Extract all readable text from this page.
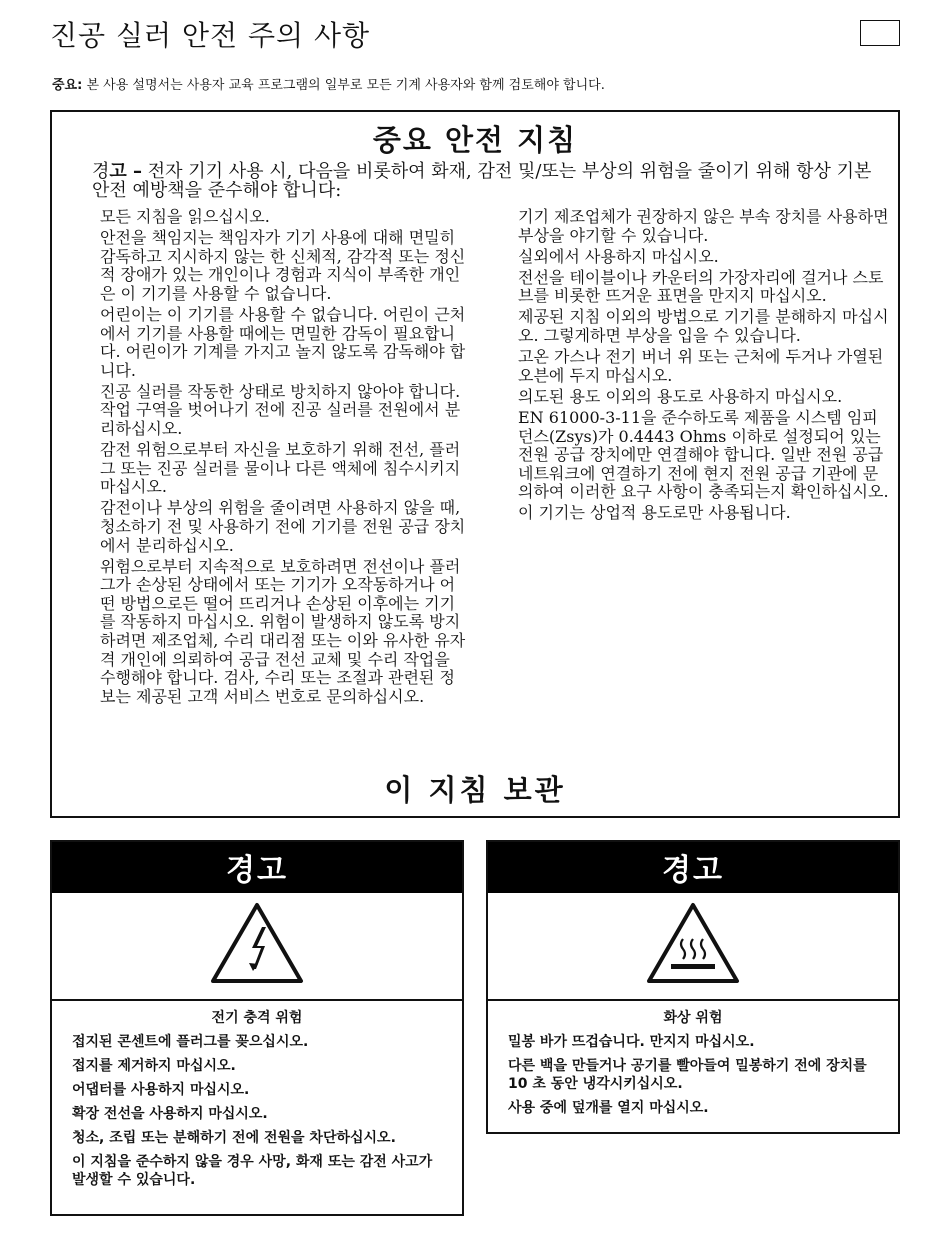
진공 실러 안전 주의 사항
중요: 본 사용 설명서는 사용자 교육 프로그램의 일부로 모든 기계 사용자와 함께 검토해야 합니다.
중요 안전 지침
경고 – 전자 기기 사용 시, 다음을 비롯하여 화재, 감전 및/또는 부상의 위험을 줄이기 위해 항상 기본 안전 예방책을 준수해야 합니다:

모든 지침을 읽으십시오.

안전을 책임지는 책임자가 기기 사용에 대해 면밀히 감독하고 지시하지 않는 한 신체적, 감각적 또는 정신적 장애가 있는 개인이나 경험과 지식이 부족한 개인은 이 기기를 사용할 수 없습니다.

어린이는 이 기기를 사용할 수 없습니다. 어린이 근처에서 기기를 사용할 때에는 면밀한 감독이 필요합니다. 어린이가 기계를 가지고 놀지 않도록 감독해야 합니다.

진공 실러를 작동한 상태로 방치하지 않아야 합니다. 작업 구역을 벗어나기 전에 진공 실러를 전원에서 분리하십시오.

감전 위험으로부터 자신을 보호하기 위해 전선, 플러그 또는 진공 실러를 물이나 다른 액체에 침수시키지 마십시오.

감전이나 부상의 위험을 줄이려면 사용하지 않을 때, 청소하기 전 및 사용하기 전에 기기를 전원 공급 장치에서 분리하십시오.

위험으로부터 지속적으로 보호하려면 전선이나 플러그가 손상된 상태에서 또는 기기가 오작동하거나 어떤 방법으로든 떨어 뜨리거나 손상된 이후에는 기기를 작동하지 마십시오. 위험이 발생하지 않도록 방지하려면 제조업체, 수리 대리점 또는 이와 유사한 유자격 개인에 의뢰하여 공급 전선 교체 및 수리 작업을 수행해야 합니다. 검사, 수리 또는 조절과 관련된 정보는 제공된 고객 서비스 번호로 문의하십시오.

기기 제조업체가 권장하지 않은 부속 장치를 사용하면 부상을 야기할 수 있습니다.

실외에서 사용하지 마십시오.

전선을 테이블이나 카운터의 가장자리에 걸거나 스토브를 비롯한 뜨거운 표면을 만지지 마십시오.

제공된 지침 이외의 방법으로 기기를 분해하지 마십시오. 그렇게하면 부상을 입을 수 있습니다.

고온 가스나 전기 버너 위 또는 근처에 두거나 가열된 오븐에 두지 마십시오.

의도된 용도 이외의 용도로 사용하지 마십시오.

EN 61000-3-11을 준수하도록 제품을 시스템 임피던스(Zsys)가 0.4443 Ohms 이하로 설정되어 있는 전원 공급 장치에만 연결해야 합니다. 일반 전원 공급 네트워크에 연결하기 전에 현지 전원 공급 기관에 문의하여 이러한 요구 사항이 충족되는지 확인하십시오.

이 기기는 상업적 용도로만 사용됩니다.

이 지침 보관
경고

전기 충격 위험

접지된 콘센트에 플러그를 꽂으십시오.

접지를 제거하지 마십시오.

어댑터를 사용하지 마십시오.

확장 전선을 사용하지 마십시오.

청소, 조립 또는 분해하기 전에 전원을 차단하십시오.

이 지침을 준수하지 않을 경우 사망, 화재 또는 감전 사고가 발생할 수 있습니다.

경고

화상 위험

밀봉 바가 뜨겁습니다. 만지지 마십시오.

다른 백을 만들거나 공기를 빨아들여 밀봉하기 전에 장치를 10 초 동안 냉각시키십시오.

사용 중에 덮개를 열지 마십시오.
